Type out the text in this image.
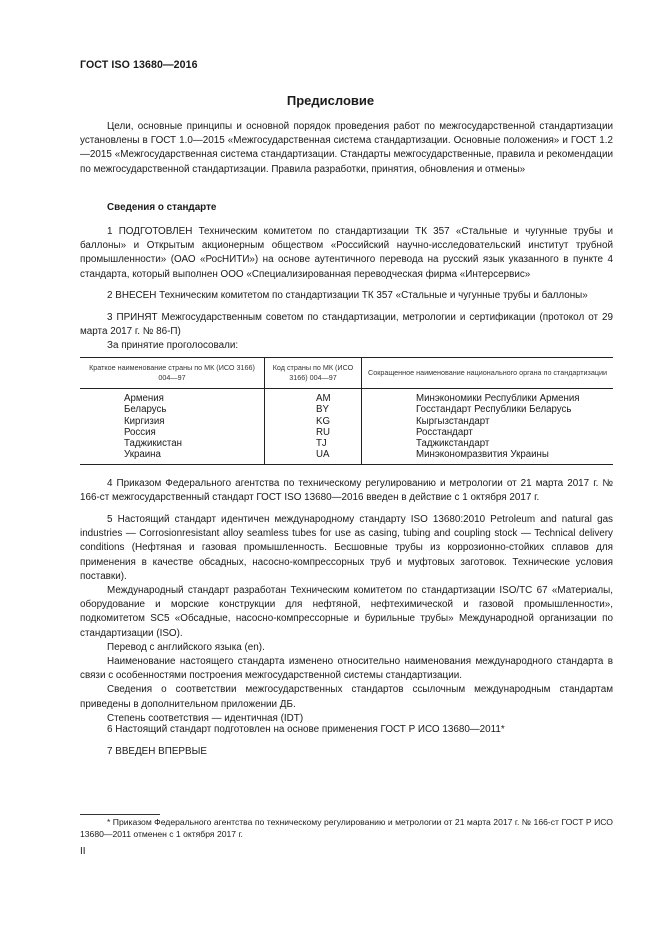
ГОСТ ISO 13680—2016
Предисловие

Цели, основные принципы и основной порядок проведения работ по межгосударственной стандартизации установлены в ГОСТ 1.0—2015 «Межгосударственная система стандартизации. Основные положения» и ГОСТ 1.2—2015 «Межгосударственная система стандартизации. Стандарты межгосударственные, правила и рекомендации по межгосударственной стандартизации. Правила разработки, принятия, обновления и отмены»

Сведения о стандарте

1 ПОДГОТОВЛЕН Техническим комитетом по стандартизации ТК 357 «Стальные и чугунные трубы и баллоны» и Открытым акционерным обществом «Российский научно-исследовательский институт трубной промышленности» (ОАО «РосНИТИ») на основе аутентичного перевода на русский язык указанного в пункте 4 стандарта, который выполнен ООО «Специализированная переводческая фирма «Интерсервис»

2 ВНЕСЕН Техническим комитетом по стандартизации ТК 357 «Стальные и чугунные трубы и баллоны»

3 ПРИНЯТ Межгосударственным советом по стандартизации, метрологии и сертификации (протокол от 29 марта 2017 г. № 86-П)

За принятие проголосовали:

Краткое наименование страны по МК (ИСО 3166) 004—97	Код страны по МК (ИСО 3166) 004—97	Сокращенное наименование национального органа по стандартизации
Армения	AM	Минэкономики Республики Армения
Беларусь	BY	Госстандарт Республики Беларусь
Киргизия	KG	Кыргызстандарт
Россия	RU	Росстандарт
Таджикистан	TJ	Таджикстандарт
Украина	UA	Минэкономразвития Украины

4 Приказом Федерального агентства по техническому регулированию и метрологии от 21 марта 2017 г. № 166-ст межгосударственный стандарт ГОСТ ISO 13680—2016 введен в действие с 1 октября 2017 г.

5 Настоящий стандарт идентичен международному стандарту ISO 13680:2010 Petroleum and natural gas industries — Corrosionresistant alloy seamless tubes for use as casing, tubing and coupling stock — Technical delivery conditions (Нефтяная и газовая промышленность. Бесшовные трубы из коррозионно-стойких сплавов для применения в качестве обсадных, насосно-компрессорных труб и муфтовых заготовок. Технические условия поставки).

Международный стандарт разработан Техническим комитетом по стандартизации ISO/TC 67 «Материалы, оборудование и морские конструкции для нефтяной, нефтехимической и газовой промышленности», подкомитетом SC5 «Обсадные, насосно-компрессорные и бурильные трубы» Международной организации по стандартизации (ISO).

Перевод с английского языка (en).

Наименование настоящего стандарта изменено относительно наименования международного стандарта в связи с особенностями построения межгосударственной системы стандартизации.

Сведения о соответствии межгосударственных стандартов ссылочным международным стандартам приведены в дополнительном приложении ДБ.

Степень соответствия — идентичная (IDT)

6 Настоящий стандарт подготовлен на основе применения ГОСТ Р ИСО 13680—2011*

7 ВВЕДЕН ВПЕРВЫЕ

* Приказом Федерального агентства по техническому регулированию и метрологии от 21 марта 2017 г. № 166-ст ГОСТ Р ИСО 13680—2011 отменен с 1 октября 2017 г.

II
